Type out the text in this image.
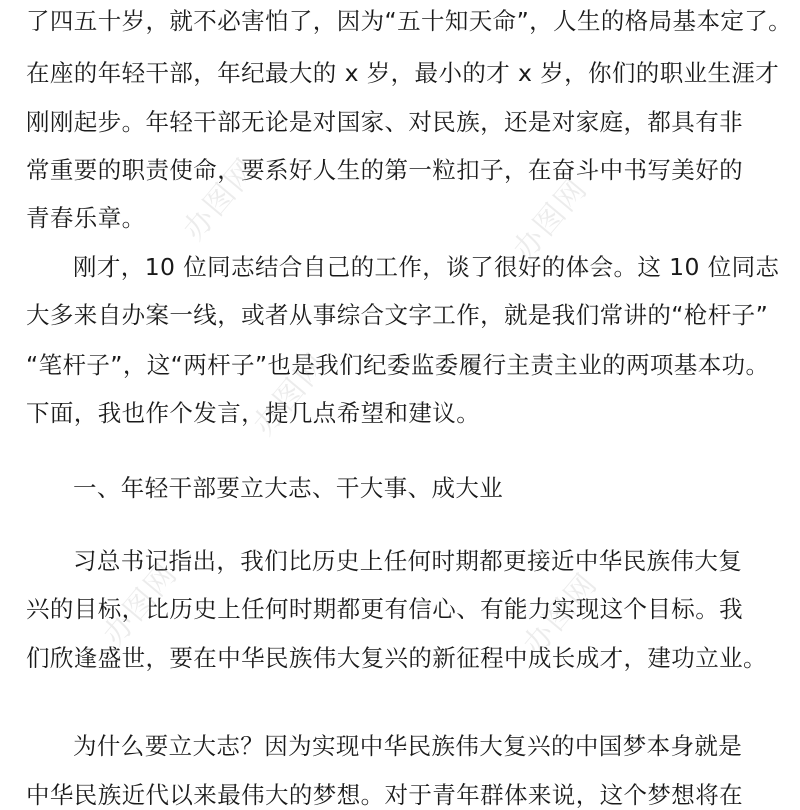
了四五十岁，就不必害怕了，因为“五十知天命”，人生的格局基本定了。
在座的年轻干部，年纪最大的 x 岁，最小的才 x 岁，你们的职业生涯才
刚刚起步。年轻干部无论是对国家、对民族，还是对家庭，都具有非
常重要的职责使命，要系好人生的第一粒扣子，在奋斗中书写美好的
青春乐章。
刚才，10 位同志结合自己的工作，谈了很好的体会。这 10 位同志
大多来自办案一线，或者从事综合文字工作，就是我们常讲的“枪杆子”
“笔杆子”，这“两杆子”也是我们纪委监委履行主责主业的两项基本功。
下面，我也作个发言，提几点希望和建议。
一、年轻干部要立大志、干大事、成大业
习总书记指出，我们比历史上任何时期都更接近中华民族伟大复
兴的目标，比历史上任何时期都更有信心、有能力实现这个目标。我
们欣逢盛世，要在中华民族伟大复兴的新征程中成长成才，建功立业。
为什么要立大志？因为实现中华民族伟大复兴的中国梦本身就是
中华民族近代以来最伟大的梦想。对于青年群体来说，这个梦想将在
办图网	办图网
办图网
办图网	办图网
